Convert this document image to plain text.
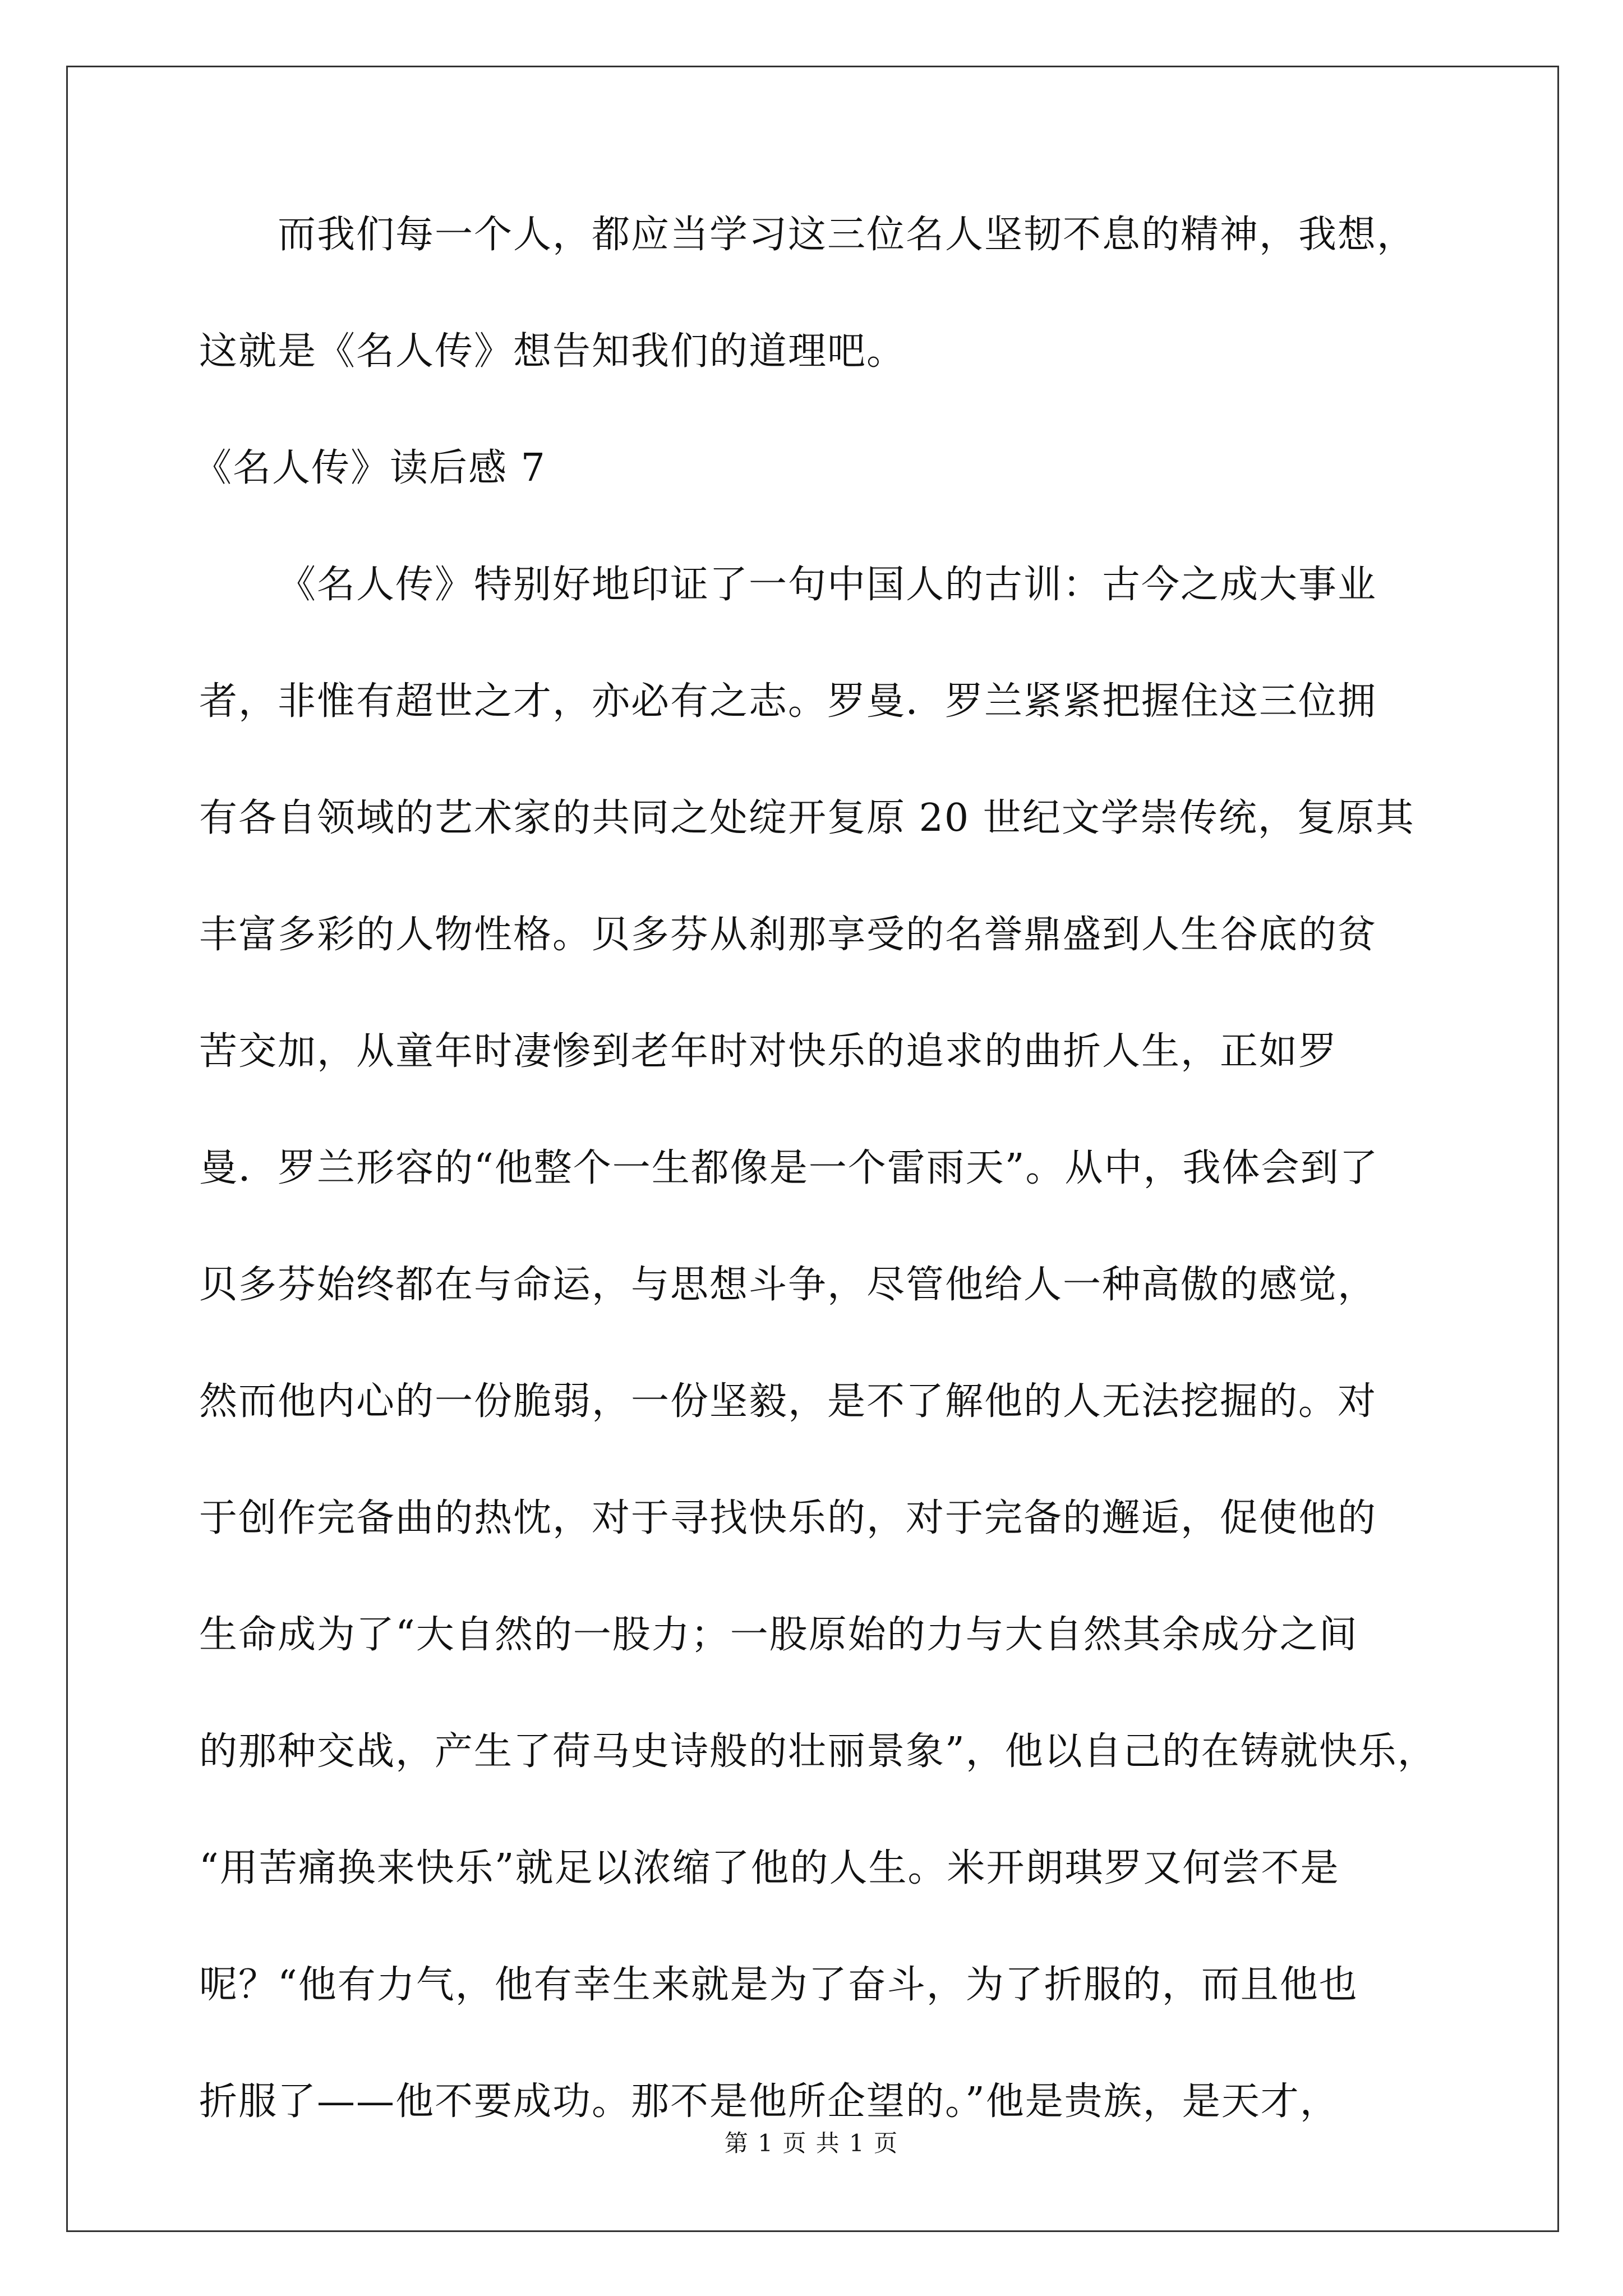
而我们每一个人，都应当学习这三位名人坚韧不息的精神，我想，
这就是《名人传》想告知我们的道理吧。
《名人传》读后感 7
《名人传》特别好地印证了一句中国人的古训：古今之成大事业
者，非惟有超世之才，亦必有之志。罗曼．罗兰紧紧把握住这三位拥
有各自领域的艺术家的共同之处绽开复原 20 世纪文学崇传统，复原其
丰富多彩的人物性格。贝多芬从刹那享受的名誉鼎盛到人生谷底的贫
苦交加，从童年时凄惨到老年时对快乐的追求的曲折人生，正如罗
曼．罗兰形容的“他整个一生都像是一个雷雨天”。从中，我体会到了
贝多芬始终都在与命运，与思想斗争，尽管他给人一种高傲的感觉，
然而他内心的一份脆弱，一份坚毅，是不了解他的人无法挖掘的。对
于创作完备曲的热忱，对于寻找快乐的，对于完备的邂逅，促使他的
生命成为了“大自然的一股力；一股原始的力与大自然其余成分之间
的那种交战，产生了荷马史诗般的壮丽景象”，他以自己的在铸就快乐，
“用苦痛换来快乐”就足以浓缩了他的人生。米开朗琪罗又何尝不是
呢？“他有力气，他有幸生来就是为了奋斗，为了折服的，而且他也
折服了——他不要成功。那不是他所企望的。”他是贵族，是天才，
第 1 页 共 1 页
